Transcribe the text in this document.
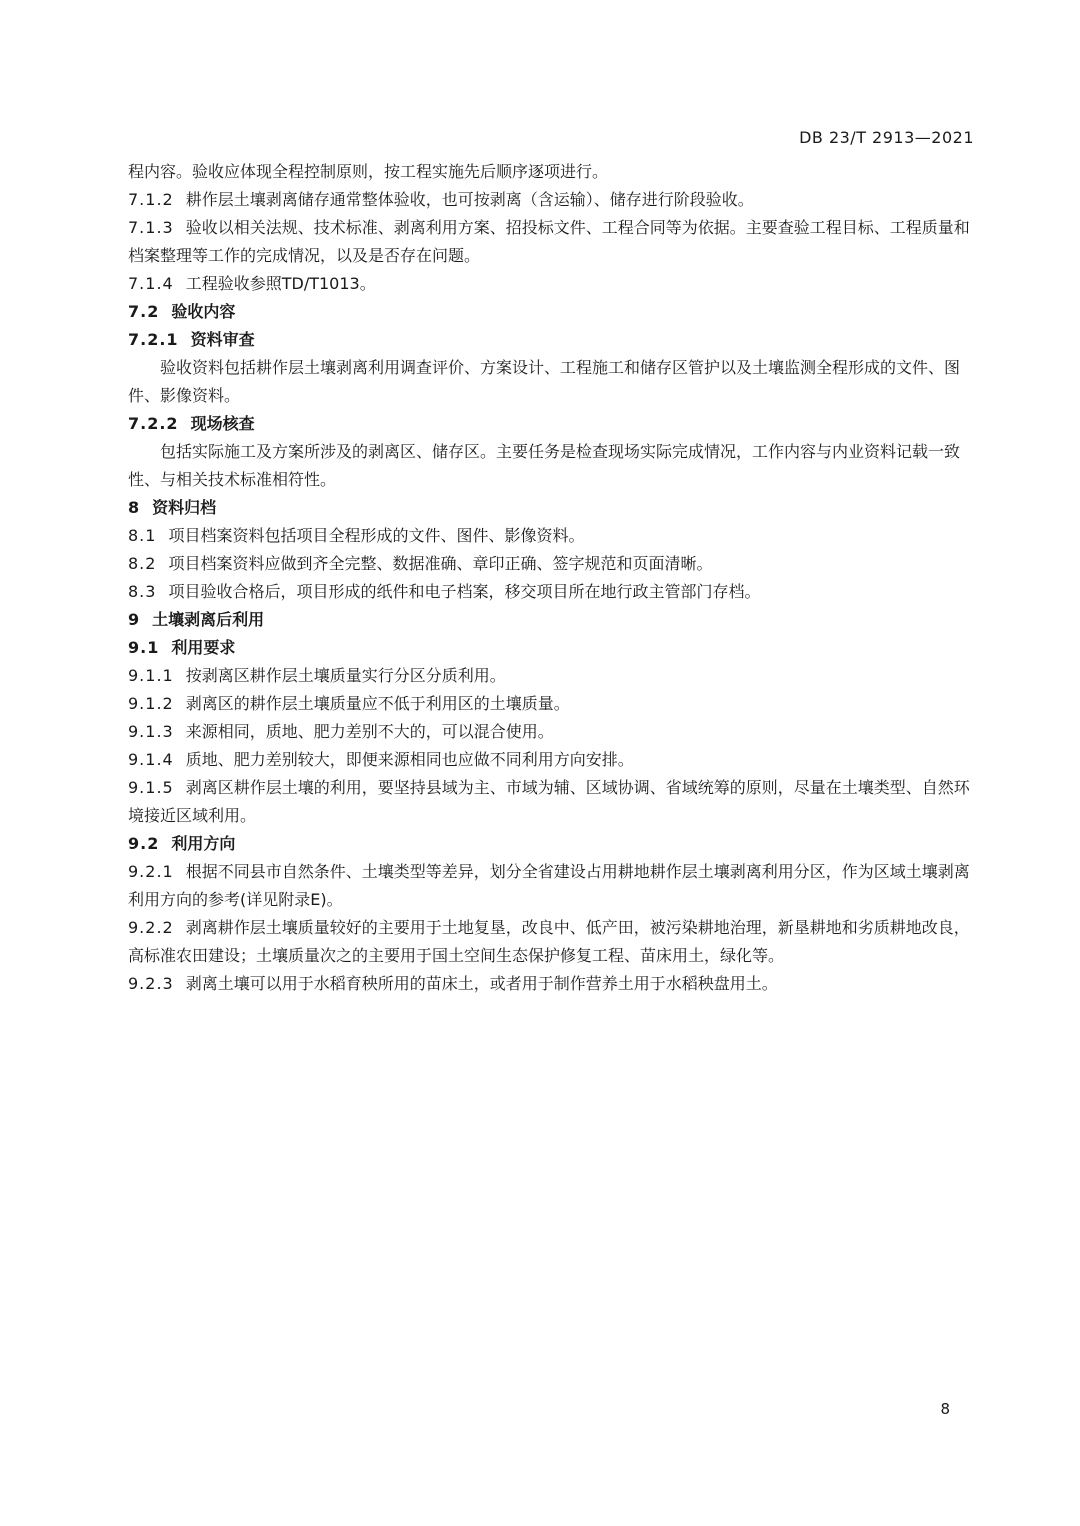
DB 23/T 2913—2021

程内容。验收应体现全程控制原则，按工程实施先后顺序逐项进行。

7.1.2 耕作层土壤剥离储存通常整体验收，也可按剥离（含运输）、储存进行阶段验收。

7.1.3 验收以相关法规、技术标准、剥离利用方案、招投标文件、工程合同等为依据。主要查验工程目标、工程质量和档案整理等工作的完成情况，以及是否存在问题。

7.1.4 工程验收参照TD/T1013。

7.2 验收内容

7.2.1 资料审查

验收资料包括耕作层土壤剥离利用调查评价、方案设计、工程施工和储存区管护以及土壤监测全程形成的文件、图件、影像资料。

7.2.2 现场核查

包括实际施工及方案所涉及的剥离区、储存区。主要任务是检查现场实际完成情况，工作内容与内业资料记载一致性、与相关技术标准相符性。

8 资料归档

8.1 项目档案资料包括项目全程形成的文件、图件、影像资料。

8.2 项目档案资料应做到齐全完整、数据准确、章印正确、签字规范和页面清晰。

8.3 项目验收合格后，项目形成的纸件和电子档案，移交项目所在地行政主管部门存档。

9 土壤剥离后利用

9.1 利用要求

9.1.1 按剥离区耕作层土壤质量实行分区分质利用。

9.1.2 剥离区的耕作层土壤质量应不低于利用区的土壤质量。

9.1.3 来源相同，质地、肥力差别不大的，可以混合使用。

9.1.4 质地、肥力差别较大，即便来源相同也应做不同利用方向安排。

9.1.5 剥离区耕作层土壤的利用，要坚持县域为主、市域为辅、区域协调、省域统筹的原则，尽量在土壤类型、自然环境接近区域利用。

9.2 利用方向

9.2.1 根据不同县市自然条件、土壤类型等差异，划分全省建设占用耕地耕作层土壤剥离利用分区，作为区域土壤剥离利用方向的参考(详见附录E)。

9.2.2 剥离耕作层土壤质量较好的主要用于土地复垦，改良中、低产田，被污染耕地治理，新垦耕地和劣质耕地改良，高标准农田建设；土壤质量次之的主要用于国土空间生态保护修复工程、苗床用土，绿化等。

9.2.3 剥离土壤可以用于水稻育秧所用的苗床土，或者用于制作营养土用于水稻秧盘用土。

8
